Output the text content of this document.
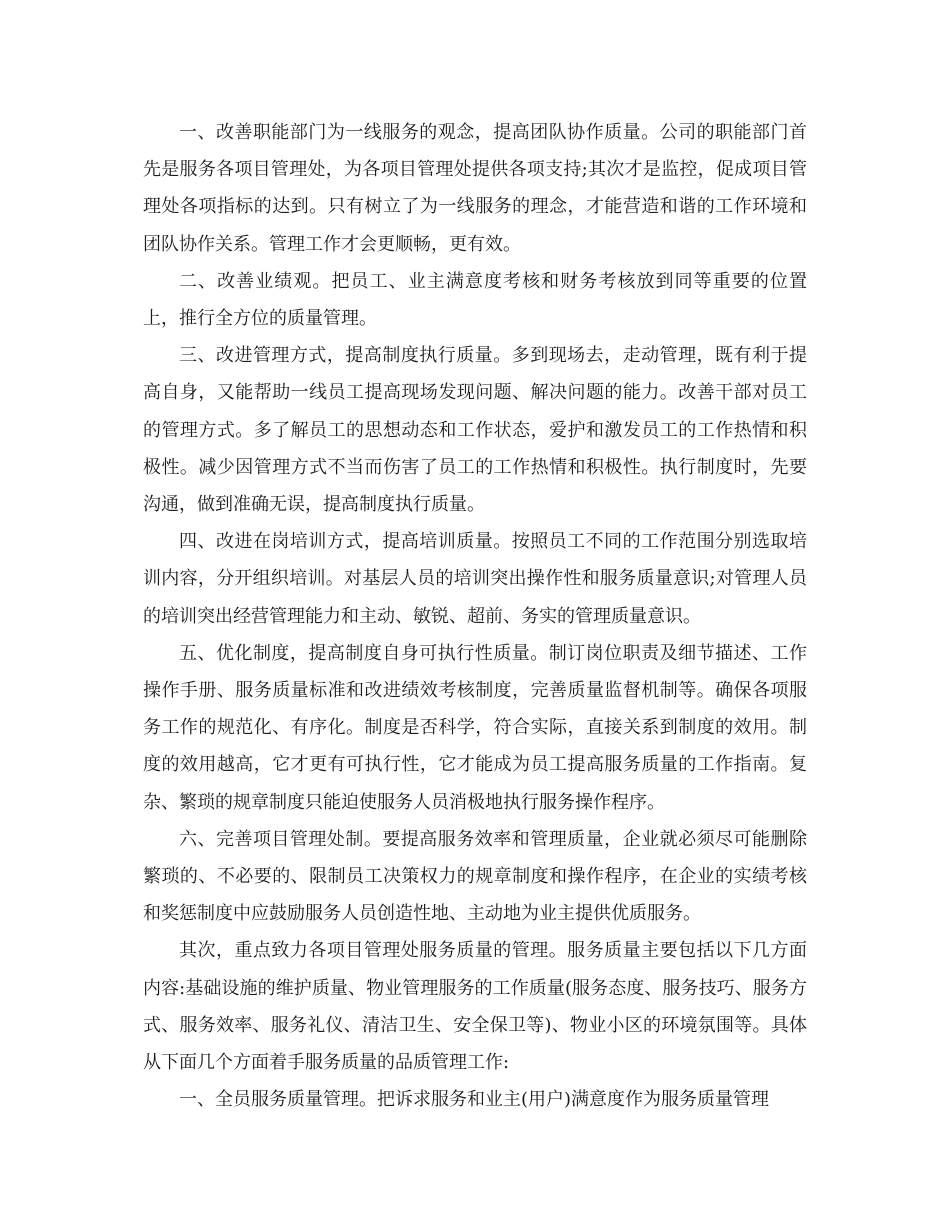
一、改善职能部门为一线服务的观念，提高团队协作质量。公司的职能部门首先是服务各项目管理处，为各项目管理处提供各项支持;其次才是监控，促成项目管理处各项指标的达到。只有树立了为一线服务的理念，才能营造和谐的工作环境和团队协作关系。管理工作才会更顺畅，更有效。

二、改善业绩观。把员工、业主满意度考核和财务考核放到同等重要的位置上，推行全方位的质量管理。

三、改进管理方式，提高制度执行质量。多到现场去，走动管理，既有利于提高自身，又能帮助一线员工提高现场发现问题、解决问题的能力。改善干部对员工的管理方式。多了解员工的思想动态和工作状态，爱护和激发员工的工作热情和积极性。减少因管理方式不当而伤害了员工的工作热情和积极性。执行制度时，先要沟通，做到准确无误，提高制度执行质量。

四、改进在岗培训方式，提高培训质量。按照员工不同的工作范围分别选取培训内容，分开组织培训。对基层人员的培训突出操作性和服务质量意识;对管理人员的培训突出经营管理能力和主动、敏锐、超前、务实的管理质量意识。

五、优化制度，提高制度自身可执行性质量。制订岗位职责及细节描述、工作操作手册、服务质量标准和改进绩效考核制度，完善质量监督机制等。确保各项服务工作的规范化、有序化。制度是否科学，符合实际，直接关系到制度的效用。制度的效用越高，它才更有可执行性，它才能成为员工提高服务质量的工作指南。复杂、繁琐的规章制度只能迫使服务人员消极地执行服务操作程序。

六、完善项目管理处制。要提高服务效率和管理质量，企业就必须尽可能删除繁琐的、不必要的、限制员工决策权力的规章制度和操作程序，在企业的实绩考核和奖惩制度中应鼓励服务人员创造性地、主动地为业主提供优质服务。

其次，重点致力各项目管理处服务质量的管理。服务质量主要包括以下几方面内容:基础设施的维护质量、物业管理服务的工作质量(服务态度、服务技巧、服务方式、服务效率、服务礼仪、清洁卫生、安全保卫等)、物业小区的环境氛围等。具体从下面几个方面着手服务质量的品质管理工作:

一、全员服务质量管理。把诉求服务和业主(用户)满意度作为服务质量管理
